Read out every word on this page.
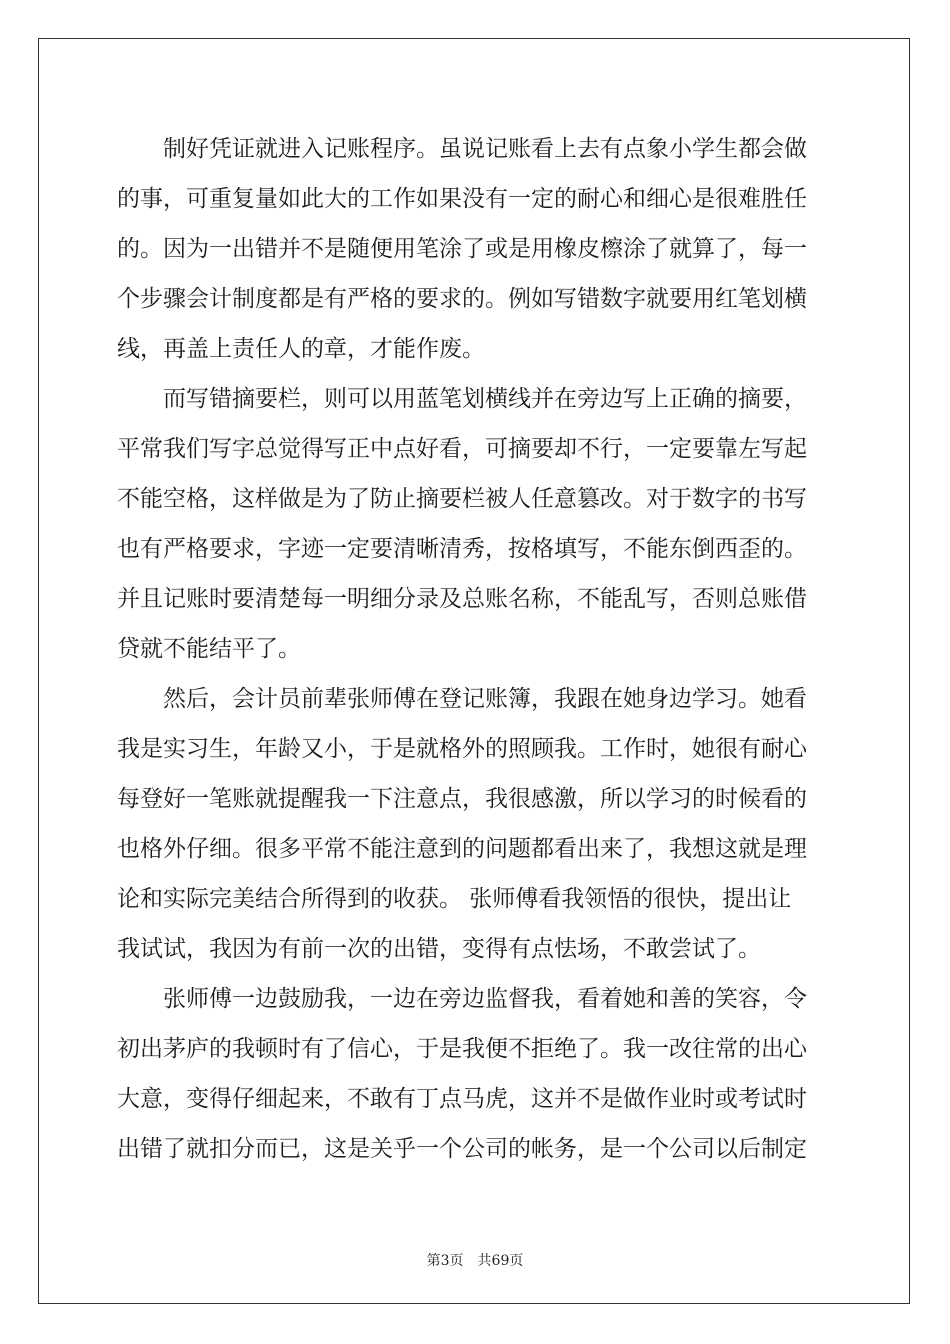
　　制好凭证就进入记账程序。虽说记账看上去有点象小学生都会做
的事，可重复量如此大的工作如果没有一定的耐心和细心是很难胜任
的。因为一出错并不是随便用笔涂了或是用橡皮檫涂了就算了，每一
个步骤会计制度都是有严格的要求的。例如写错数字就要用红笔划横
线，再盖上责任人的章，才能作废。
　　而写错摘要栏，则可以用蓝笔划横线并在旁边写上正确的摘要，
平常我们写字总觉得写正中点好看，可摘要却不行，一定要靠左写起
不能空格，这样做是为了防止摘要栏被人任意篡改。对于数字的书写
也有严格要求，字迹一定要清晰清秀，按格填写，不能东倒西歪的。
并且记账时要清楚每一明细分录及总账名称，不能乱写，否则总账借
贷就不能结平了。
　　然后，会计员前辈张师傅在登记账簿，我跟在她身边学习。她看
我是实习生，年龄又小，于是就格外的照顾我。工作时，她很有耐心
每登好一笔账就提醒我一下注意点，我很感激，所以学习的时候看的
也格外仔细。很多平常不能注意到的问题都看出来了，我想这就是理
论和实际完美结合所得到的收获。 张师傅看我领悟的很快，提出让
我试试，我因为有前一次的出错，变得有点怯场，不敢尝试了。
　　张师傅一边鼓励我，一边在旁边监督我，看着她和善的笑容，令
初出茅庐的我顿时有了信心，于是我便不拒绝了。我一改往常的出心
大意，变得仔细起来，不敢有丁点马虎，这并不是做作业时或考试时
出错了就扣分而已，这是关乎一个公司的帐务，是一个公司以后制定
第3页 共69页
